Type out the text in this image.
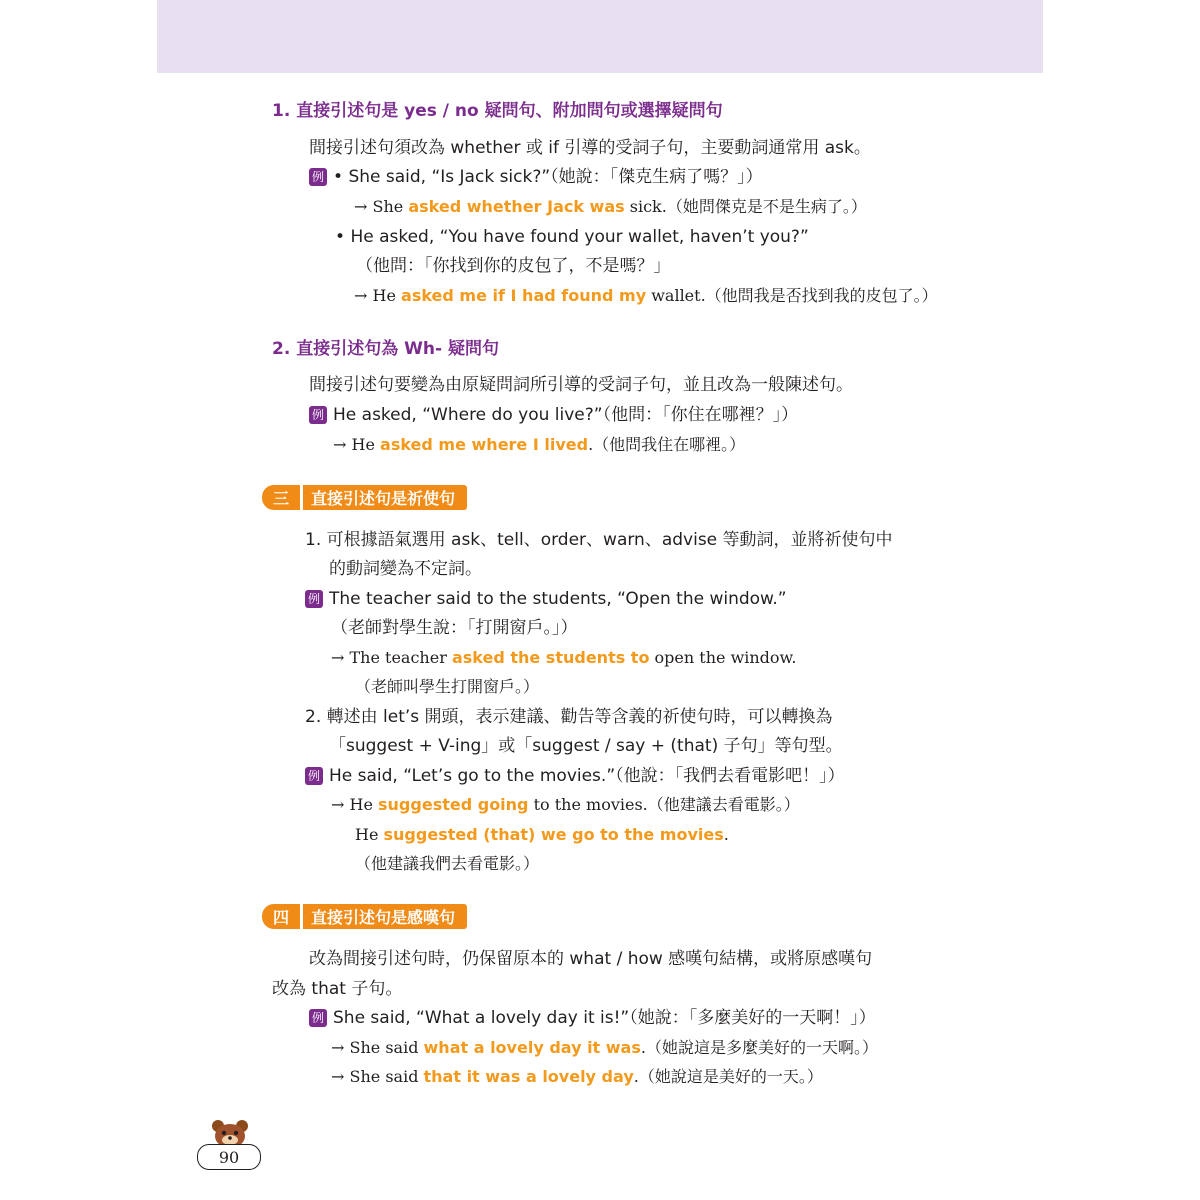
1. 直接引述句是 yes / no 疑問句、附加問句或選擇疑問句
間接引述句須改為 whether 或 if 引導的受詞子句，主要動詞通常用 ask。
例 • She said, “Is Jack sick?”（她說：「傑克生病了嗎？」）
→ She asked whether Jack was sick.（她問傑克是不是生病了。）
• He asked, “You have found your wallet, haven’t you?”
（他問：「你找到你的皮包了，不是嗎？」
→ He asked me if I had found my wallet.（他問我是否找到我的皮包了。）
2. 直接引述句為 Wh- 疑問句
間接引述句要變為由原疑問詞所引導的受詞子句，並且改為一般陳述句。
例 He asked, “Where do you live?”（他問：「你住在哪裡？」）
→ He asked me where I lived.（他問我住在哪裡。）
三	直接引述句是祈使句
1. 可根據語氣選用 ask、tell、order、warn、advise 等動詞，並將祈使句中
的動詞變為不定詞。
例 The teacher said to the students, “Open the window.”
（老師對學生說：「打開窗戶。」）
→ The teacher asked the students to open the window.
（老師叫學生打開窗戶。）
2. 轉述由 let’s 開頭，表示建議、勸告等含義的祈使句時，可以轉換為
「suggest + V-ing」或「suggest / say + (that) 子句」等句型。
例 He said, “Let’s go to the movies.”（他說：「我們去看電影吧！」）
→ He suggested going to the movies.（他建議去看電影。）
He suggested (that) we go to the movies.
（他建議我們去看電影。）
四	直接引述句是感嘆句
改為間接引述句時，仍保留原本的 what / how 感嘆句結構，或將原感嘆句
改為 that 子句。
例 She said, “What a lovely day it is!”（她說：「多麼美好的一天啊！」）
→ She said what a lovely day it was.（她說這是多麼美好的一天啊。）
→ She said that it was a lovely day.（她說這是美好的一天。）
90
